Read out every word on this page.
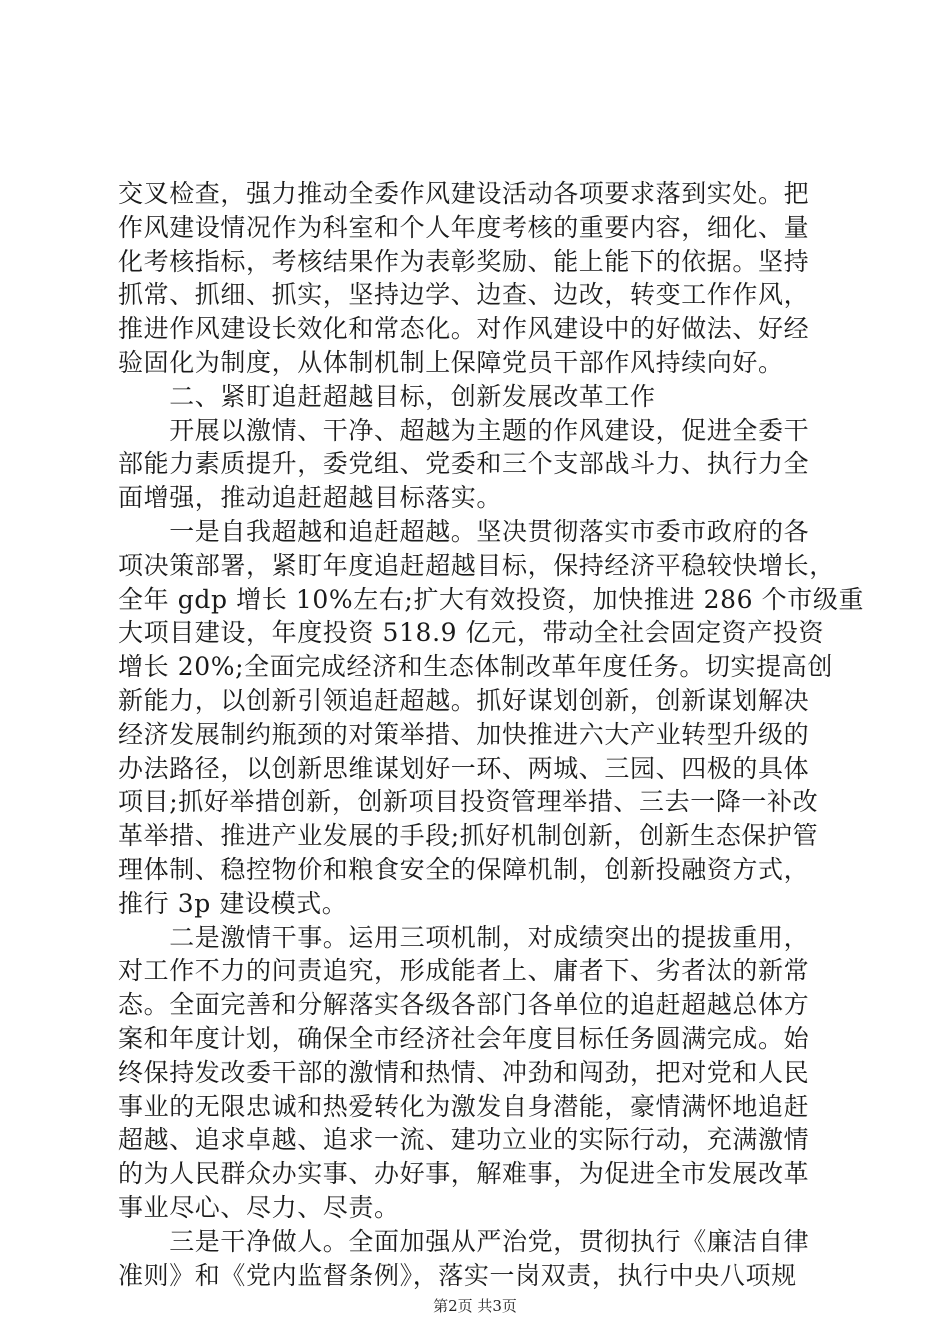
交叉检查，强力推动全委作风建设活动各项要求落到实处。把
作风建设情况作为科室和个人年度考核的重要内容，细化、量
化考核指标，考核结果作为表彰奖励、能上能下的依据。坚持
抓常、抓细、抓实，坚持边学、边查、边改，转变工作作风，
推进作风建设长效化和常态化。对作风建设中的好做法、好经
验固化为制度，从体制机制上保障党员干部作风持续向好。
　　二、紧盯追赶超越目标，创新发展改革工作
　　开展以激情、干净、超越为主题的作风建设，促进全委干
部能力素质提升，委党组、党委和三个支部战斗力、执行力全
面增强，推动追赶超越目标落实。
　　一是自我超越和追赶超越。坚决贯彻落实市委市政府的各
项决策部署，紧盯年度追赶超越目标，保持经济平稳较快增长，
全年 gdp 增长 10%左右;扩大有效投资，加快推进 286 个市级重
大项目建设，年度投资 518.9 亿元，带动全社会固定资产投资
增长 20%;全面完成经济和生态体制改革年度任务。切实提高创
新能力，以创新引领追赶超越。抓好谋划创新，创新谋划解决
经济发展制约瓶颈的对策举措、加快推进六大产业转型升级的
办法路径，以创新思维谋划好一环、两城、三园、四极的具体
项目;抓好举措创新，创新项目投资管理举措、三去一降一补改
革举措、推进产业发展的手段;抓好机制创新，创新生态保护管
理体制、稳控物价和粮食安全的保障机制，创新投融资方式，
推行 3p 建设模式。
　　二是激情干事。运用三项机制，对成绩突出的提拔重用，
对工作不力的问责追究，形成能者上、庸者下、劣者汰的新常
态。全面完善和分解落实各级各部门各单位的追赶超越总体方
案和年度计划，确保全市经济社会年度目标任务圆满完成。始
终保持发改委干部的激情和热情、冲劲和闯劲，把对党和人民
事业的无限忠诚和热爱转化为激发自身潜能，豪情满怀地追赶
超越、追求卓越、追求一流、建功立业的实际行动，充满激情
的为人民群众办实事、办好事，解难事，为促进全市发展改革
事业尽心、尽力、尽责。
　　三是干净做人。全面加强从严治党，贯彻执行《廉洁自律
准则》和《党内监督条例》，落实一岗双责，执行中央八项规
第2页 共3页
